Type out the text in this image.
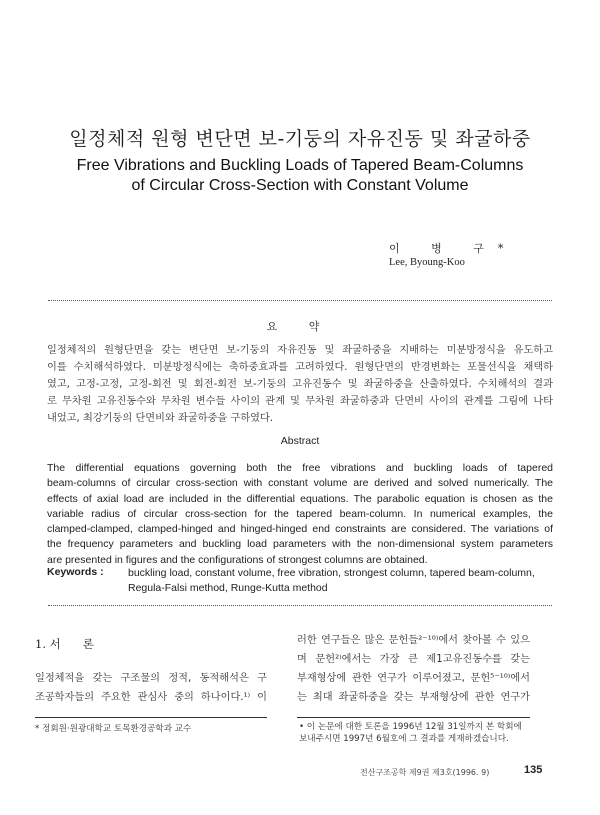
일정체적 원형 변단면 보-기둥의 자유진동 및 좌굴하중
Free Vibrations and Buckling Loads of Tapered Beam-Columns
of Circular Cross-Section with Constant Volume
이 병 구*
Lee, Byoung-Koo
요 약
일정체적의 원형단면을 갖는 변단면 보-기둥의 자유진동 및 좌굴하중을 지배하는 미분방정식을 유도하고
이를 수치해석하였다. 미분방정식에는 축하중효과를 고려하였다. 원형단면의 반경변화는 포물선식을 채택하
였고, 고정-고정, 고정-회전 및 회전-회전 보-기둥의 고유진동수 및 좌굴하중을 산출하였다. 수치해석의 결과
로 무차원 고유진동수와 무차원 변수들 사이의 관계 및 무차원 좌굴하중과 단면비 사이의 관계를 그림에 나타
내었고, 최강기둥의 단면비와 좌굴하중을 구하였다.
Abstract
The differential equations governing both the free vibrations and buckling loads of tapered
beam-columns of circular cross-section with constant volume are derived and solved numerically. The
effects of axial load are included in the differential equations. The parabolic equation is chosen as the
variable radius of circular cross-section for the tapered beam-column. In numerical examples, the
clamped-clamped, clamped-hinged and hinged-hinged end constraints are considered. The variations of
the frequency parameters and buckling load parameters with the non-dimensional system parameters
are presented in figures and the configurations of strongest columns are obtained.
Keywords : buckling load, constant volume, free vibration, strongest column, tapered beam-column,
Regula-Falsi method, Runge-Kutta method
1. 서 론
일정체적을 갖는 구조물의 정적, 동적해석은 구
조공학자들의 주요한 관심사 중의 하나이다.¹⁾ 이
러한 연구들은 많은 문헌들²⁻¹⁰⁾에서 찾아볼 수 있으
며 문헌²⁾에서는 가장 큰 제1고유진동수를 갖는
부재형상에 관한 연구가 이루어졌고, 문헌⁵⁻¹⁰⁾에서
는 최대 좌굴하중을 갖는 부재형상에 관한 연구가
* 정회원·원광대학교 토목환경공학과 교수	• 이 논문에 대한 토론을 1996년 12월 31일까지 본 학회에
보내주시면 1997년 6월호에 그 결과를 게재하겠습니다.
전산구조공학 제9권 제3호(1996. 9)	135
